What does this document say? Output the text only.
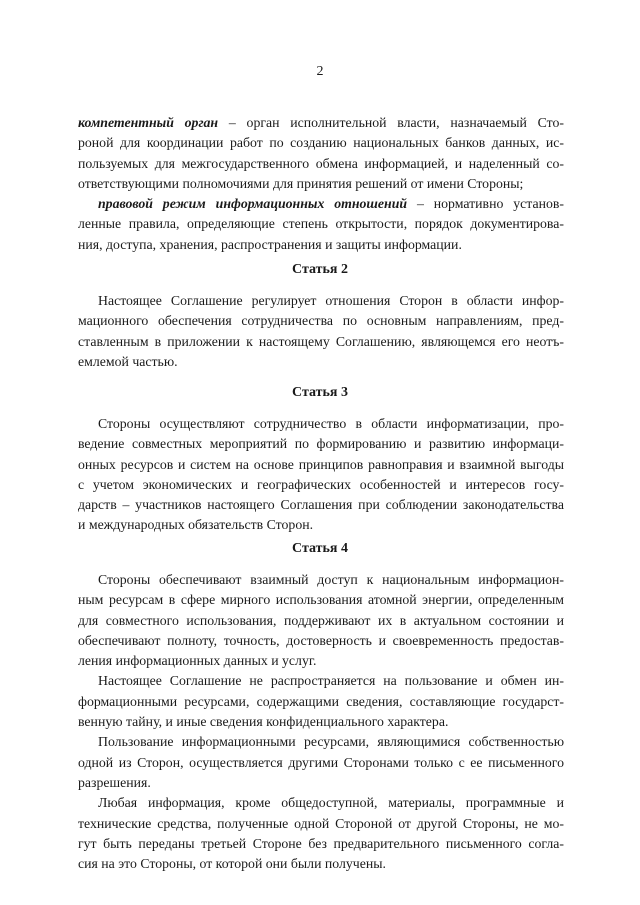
2
компетентный орган – орган исполнительной власти, назначаемый Сто-
роной для координации работ по созданию национальных банков данных, ис-
пользуемых для межгосударственного обмена информацией, и наделенный со-
ответствующими полномочиями для принятия решений от имени Стороны;
правовой режим информационных отношений – нормативно установ-
ленные правила, определяющие степень открытости, порядок документирова-
ния, доступа, хранения, распространения и защиты информации.
Статья 2
Настоящее Соглашение регулирует отношения Сторон в области инфор-
мационного обеспечения сотрудничества по основным направлениям, пред-
ставленным в приложении к настоящему Соглашению, являющемся его неотъ-
емлемой частью.
Статья 3
Стороны осуществляют сотрудничество в области информатизации, про-
ведение совместных мероприятий по формированию и развитию информаци-
онных ресурсов и систем на основе принципов равноправия и взаимной выгоды
с учетом экономических и географических особенностей и интересов госу-
дарств – участников настоящего Соглашения при соблюдении законодательства
и международных обязательств Сторон.
Статья 4
Стороны обеспечивают взаимный доступ к национальным информацион-
ным ресурсам в сфере мирного использования атомной энергии, определенным
для совместного использования, поддерживают их в актуальном состоянии и
обеспечивают полноту, точность, достоверность и своевременность предостав-
ления информационных данных и услуг.
Настоящее Соглашение не распространяется на пользование и обмен ин-
формационными ресурсами, содержащими сведения, составляющие государст-
венную тайну, и иные сведения конфиденциального характера.
Пользование информационными ресурсами, являющимися собственностью
одной из Сторон, осуществляется другими Сторонами только с ее письменного
разрешения.
Любая информация, кроме общедоступной, материалы, программные и
технические средства, полученные одной Стороной от другой Стороны, не мо-
гут быть переданы третьей Стороне без предварительного письменного согла-
сия на это Стороны, от которой они были получены.
